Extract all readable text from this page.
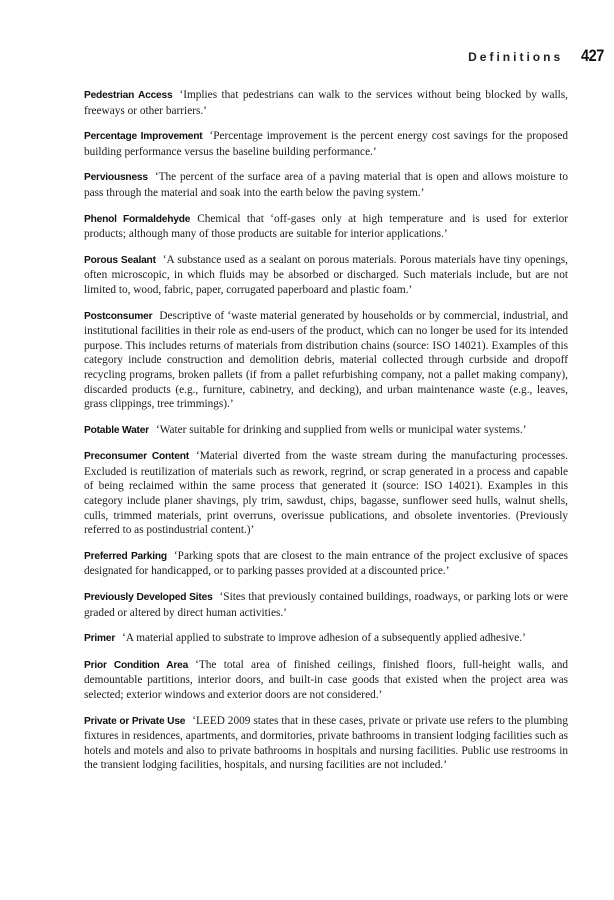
Definitions 427

Pedestrian Access ‘Implies that pedestrians can walk to the services without being blocked by walls, freeways or other barriers.’

Percentage Improvement ‘Percentage improvement is the percent energy cost savings for the proposed building performance versus the baseline building performance.’

Perviousness ‘The percent of the surface area of a paving material that is open and allows moisture to pass through the material and soak into the earth below the paving system.’

Phenol Formaldehyde Chemical that ‘off-gases only at high temperature and is used for exterior products; although many of those products are suitable for interior applications.’

Porous Sealant ‘A substance used as a sealant on porous materials. Porous materials have tiny openings, often microscopic, in which fluids may be absorbed or discharged. Such materials include, but are not limited to, wood, fabric, paper, corrugated paperboard and plastic foam.’

Postconsumer Descriptive of ‘waste material generated by households or by commercial, industrial, and institutional facilities in their role as end-users of the product, which can no longer be used for its intended purpose. This includes returns of materials from distribution chains (source: ISO 14021). Examples of this category include construction and demolition debris, material collected through curbside and dropoff recycling programs, broken pallets (if from a pallet refurbishing company, not a pallet making company), discarded products (e.g., furniture, cabinetry, and decking), and urban maintenance waste (e.g., leaves, grass clippings, tree trimmings).’

Potable Water ‘Water suitable for drinking and supplied from wells or municipal water systems.’

Preconsumer Content ‘Material diverted from the waste stream during the manufacturing processes. Excluded is reutilization of materials such as rework, regrind, or scrap generated in a process and capable of being reclaimed within the same process that generated it (source: ISO 14021). Examples in this category include planer shavings, ply trim, sawdust, chips, bagasse, sunflower seed hulls, walnut shells, culls, trimmed materials, print overruns, overissue publications, and obsolete inventories. (Previously referred to as postindustrial content.)’

Preferred Parking ‘Parking spots that are closest to the main entrance of the project exclusive of spaces designated for handicapped, or to parking passes provided at a discounted price.’

Previously Developed Sites ‘Sites that previously contained buildings, roadways, or parking lots or were graded or altered by direct human activities.’

Primer ‘A material applied to substrate to improve adhesion of a subsequently applied adhesive.’

Prior Condition Area ‘The total area of finished ceilings, finished floors, full-height walls, and demountable partitions, interior doors, and built-in case goods that existed when the project area was selected; exterior windows and exterior doors are not considered.’

Private or Private Use ‘LEED 2009 states that in these cases, private or private use refers to the plumbing fixtures in residences, apartments, and dormitories, private bathrooms in transient lodging facilities such as hotels and motels and also to private bathrooms in hospitals and nursing facilities. Public use restrooms in the transient lodging facilities, hospitals, and nursing facilities are not included.’
